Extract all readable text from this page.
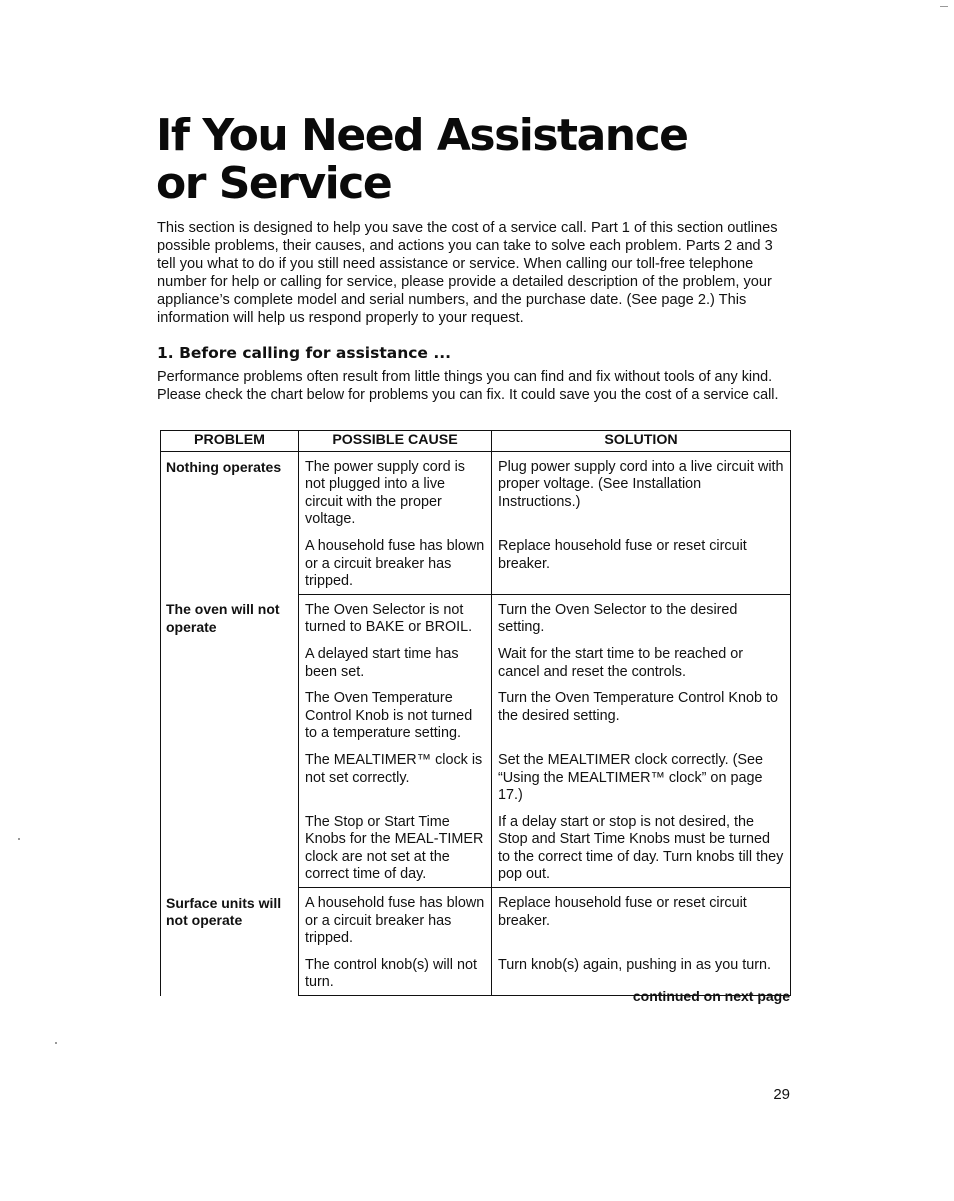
If You Need Assistance
or Service

This section is designed to help you save the cost of a service call. Part 1 of this section outlines possible problems, their causes, and actions you can take to solve each problem. Parts 2 and 3 tell you what to do if you still need assistance or service. When calling our toll-free telephone number for help or calling for service, please provide a detailed description of the problem, your appliance’s complete model and serial numbers, and the purchase date. (See page 2.) This information will help us respond properly to your request.

1. Before calling for assistance ...

Performance problems often result from little things you can find and fix without tools of any kind. Please check the chart below for problems you can fix. It could save you the cost of a service call.

PROBLEM	POSSIBLE CAUSE	SOLUTION
Nothing operates	The power supply cord is not plugged into a live circuit with the proper voltage.	Plug power supply cord into a live circuit with proper voltage. (See Installation Instructions.)
	A household fuse has blown or a circuit breaker has tripped.	Replace household fuse or reset circuit breaker.
The oven will not operate	The Oven Selector is not turned to BAKE or BROIL.	Turn the Oven Selector to the desired setting.
	A delayed start time has been set.	Wait for the start time to be reached or cancel and reset the controls.
	The Oven Temperature Control Knob is not turned to a temperature setting.	Turn the Oven Temperature Control Knob to the desired setting.
	The MEALTIMER™ clock is not set correctly.	Set the MEALTIMER clock correctly. (See “Using the MEALTIMER™ clock” on page 17.)
	The Stop or Start Time Knobs for the MEAL-TIMER clock are not set at the correct time of day.	If a delay start or stop is not desired, the Stop and Start Time Knobs must be turned to the correct time of day. Turn knobs till they pop out.
Surface units will not operate	A household fuse has blown or a circuit breaker has tripped.	Replace household fuse or reset circuit breaker.
	The control knob(s) will not turn.	Turn knob(s) again, pushing in as you turn.
continued on next page
29
